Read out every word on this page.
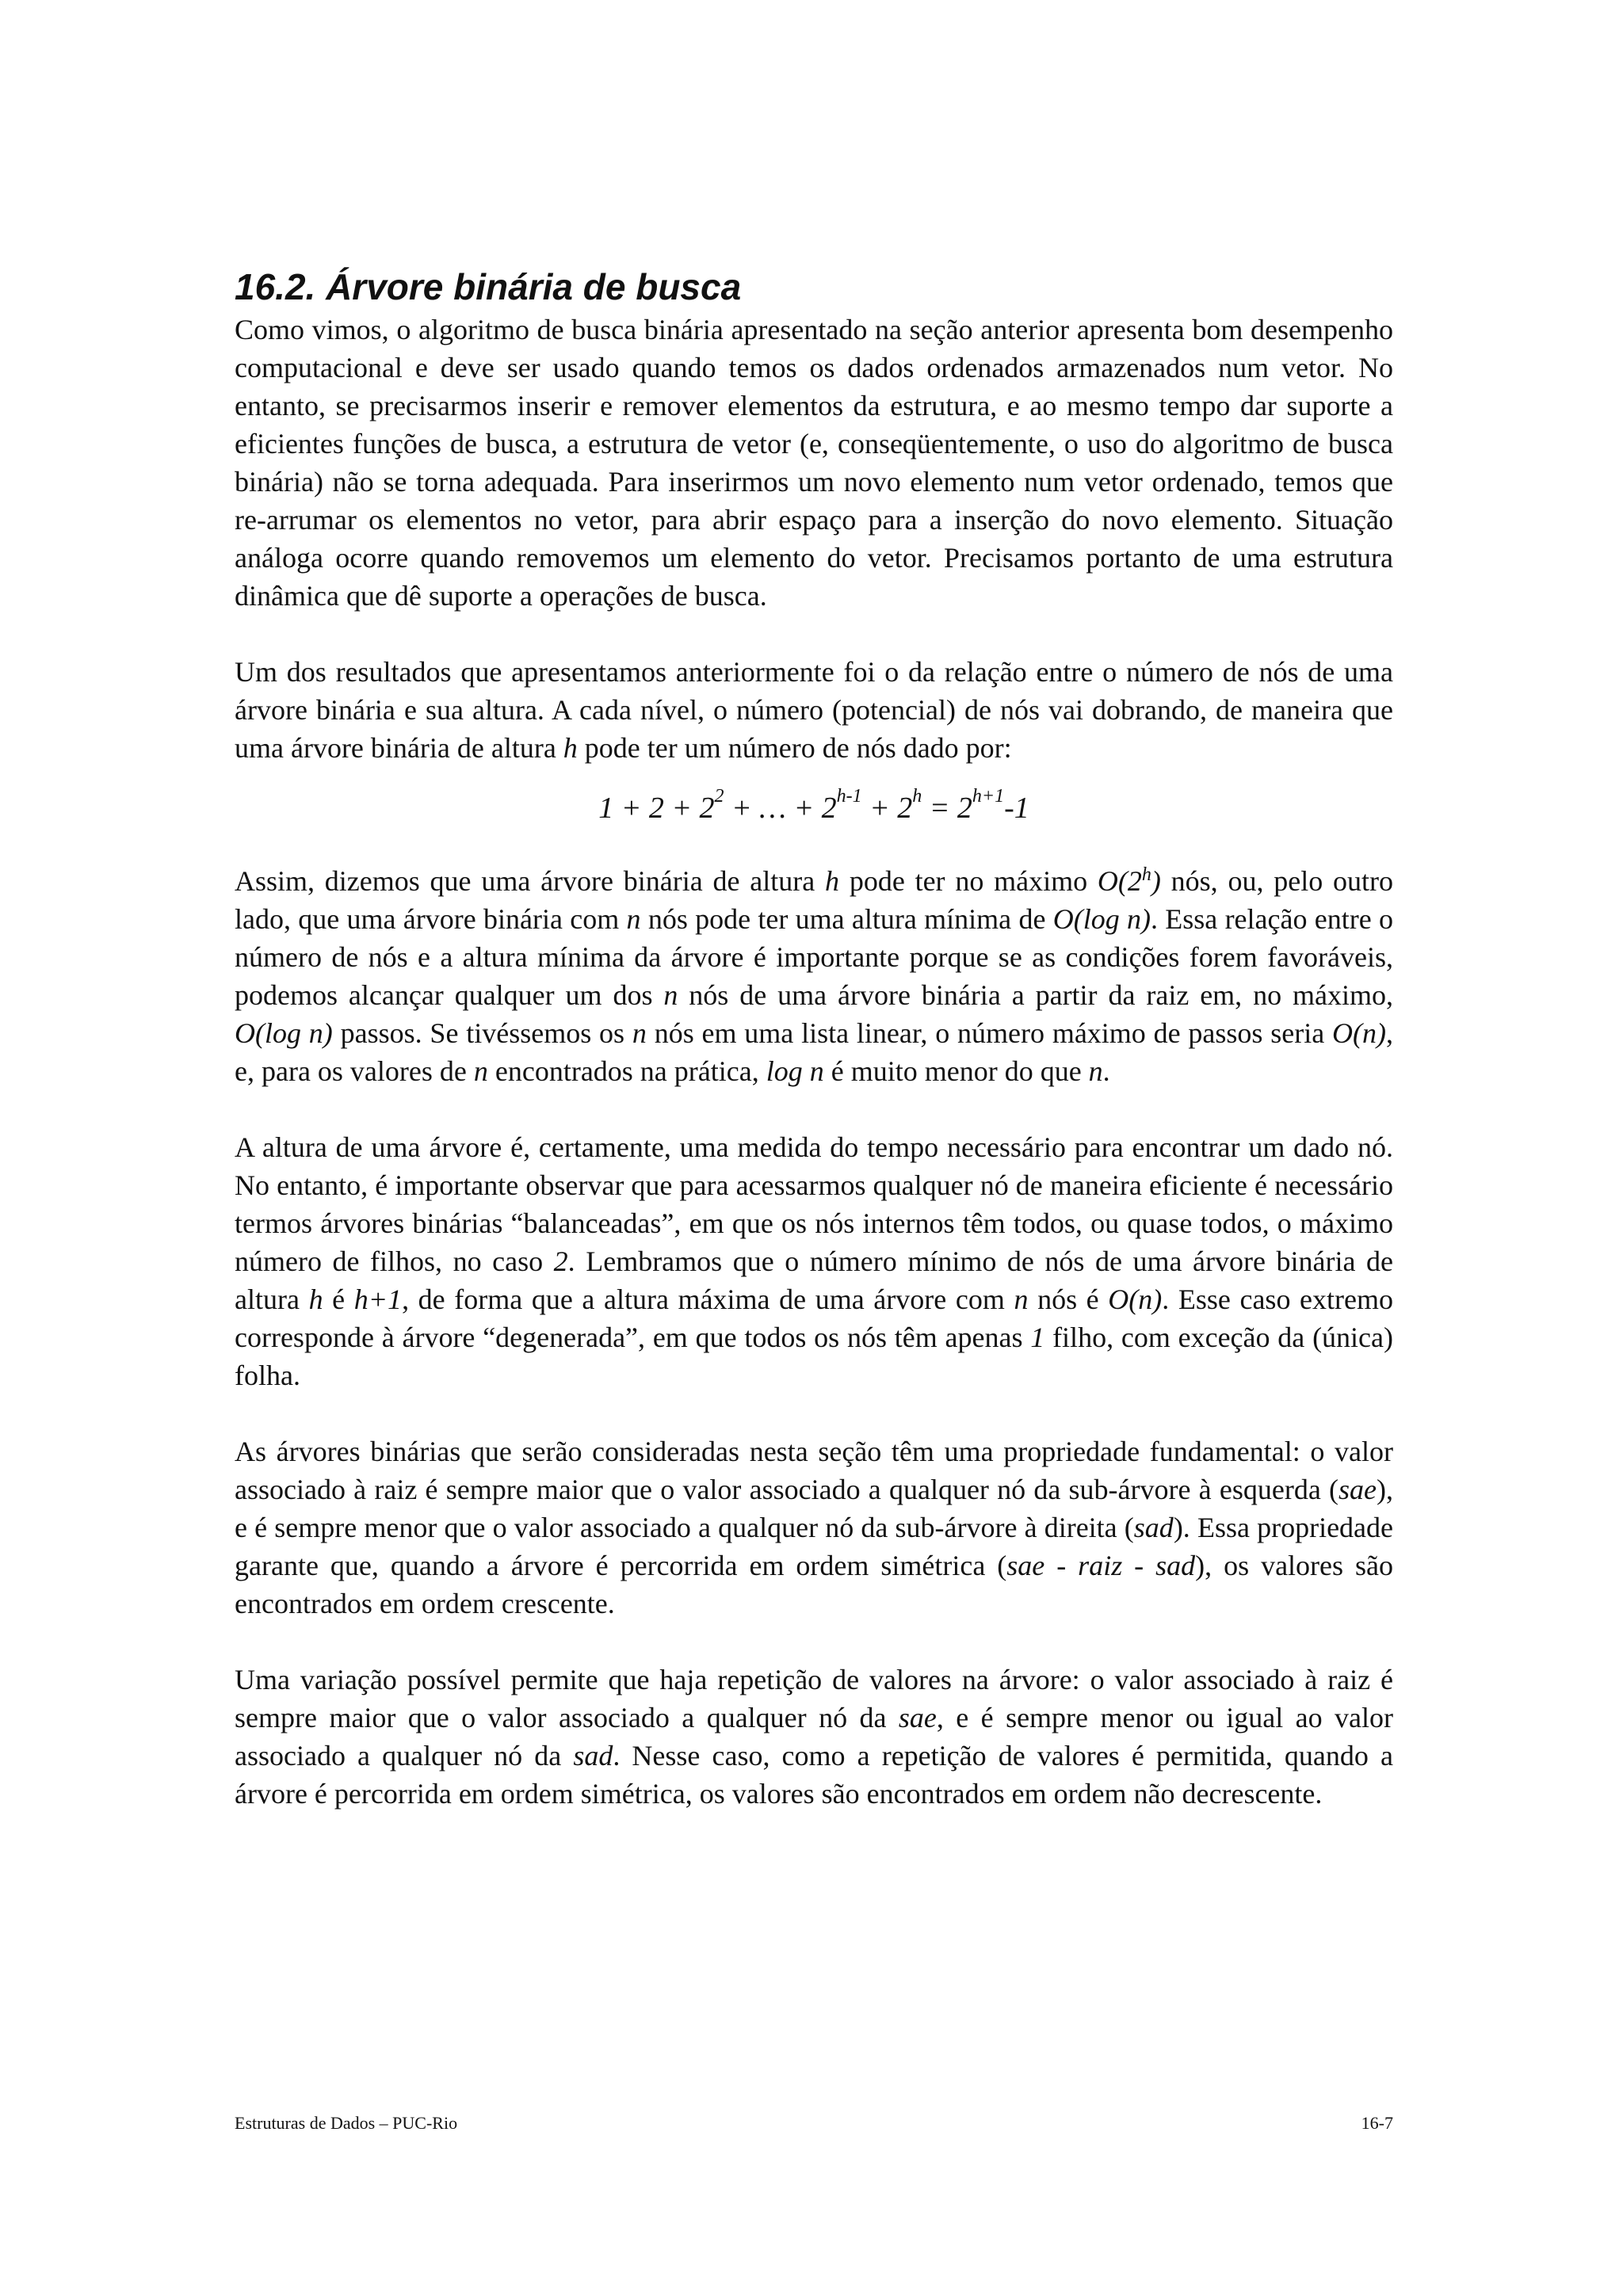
16.2. Árvore binária de busca

Como vimos, o algoritmo de busca binária apresentado na seção anterior apresenta bom desempenho computacional e deve ser usado quando temos os dados ordenados armazenados num vetor. No entanto, se precisarmos inserir e remover elementos da estrutura, e ao mesmo tempo dar suporte a eficientes funções de busca, a estrutura de vetor (e, conseqüentemente, o uso do algoritmo de busca binária) não se torna adequada. Para inserirmos um novo elemento num vetor ordenado, temos que re-arrumar os elementos no vetor, para abrir espaço para a inserção do novo elemento. Situação análoga ocorre quando removemos um elemento do vetor. Precisamos portanto de uma estrutura dinâmica que dê suporte a operações de busca.

Um dos resultados que apresentamos anteriormente foi o da relação entre o número de nós de uma árvore binária e sua altura. A cada nível, o número (potencial) de nós vai dobrando, de maneira que uma árvore binária de altura h pode ter um número de nós dado por:

$1 + 2 + 2^2$ + … + $2^{h-1} + 2^h = 2^{h+1}-1$

Assim, dizemos que uma árvore binária de altura h pode ter no máximo O(2$^h$) nós, ou, pelo outro lado, que uma árvore binária com n nós pode ter uma altura mínima de O(log n). Essa relação entre o número de nós e a altura mínima da árvore é importante porque se as condições forem favoráveis, podemos alcançar qualquer um dos n nós de uma árvore binária a partir da raiz em, no máximo, O(log n) passos. Se tivéssemos os n nós em uma lista linear, o número máximo de passos seria O(n), e, para os valores de n encontrados na prática, log n é muito menor do que n.

A altura de uma árvore é, certamente, uma medida do tempo necessário para encontrar um dado nó. No entanto, é importante observar que para acessarmos qualquer nó de maneira eficiente é necessário termos árvores binárias “balanceadas”, em que os nós internos têm todos, ou quase todos, o máximo número de filhos, no caso 2. Lembramos que o número mínimo de nós de uma árvore binária de altura h é h+1, de forma que a altura máxima de uma árvore com n nós é O(n). Esse caso extremo corresponde à árvore “degenerada”, em que todos os nós têm apenas 1 filho, com exceção da (única) folha.

As árvores binárias que serão consideradas nesta seção têm uma propriedade fundamental: o valor associado à raiz é sempre maior que o valor associado a qualquer nó da sub-árvore à esquerda (sae), e é sempre menor que o valor associado a qualquer nó da sub-árvore à direita (sad). Essa propriedade garante que, quando a árvore é percorrida em ordem simétrica (sae - raiz - sad), os valores são encontrados em ordem crescente.

Uma variação possível permite que haja repetição de valores na árvore: o valor associado à raiz é sempre maior que o valor associado a qualquer nó da sae, e é sempre menor ou igual ao valor associado a qualquer nó da sad. Nesse caso, como a repetição de valores é permitida, quando a árvore é percorrida em ordem simétrica, os valores são encontrados em ordem não decrescente.

Estruturas de Dados – PUC-Rio	16-7
